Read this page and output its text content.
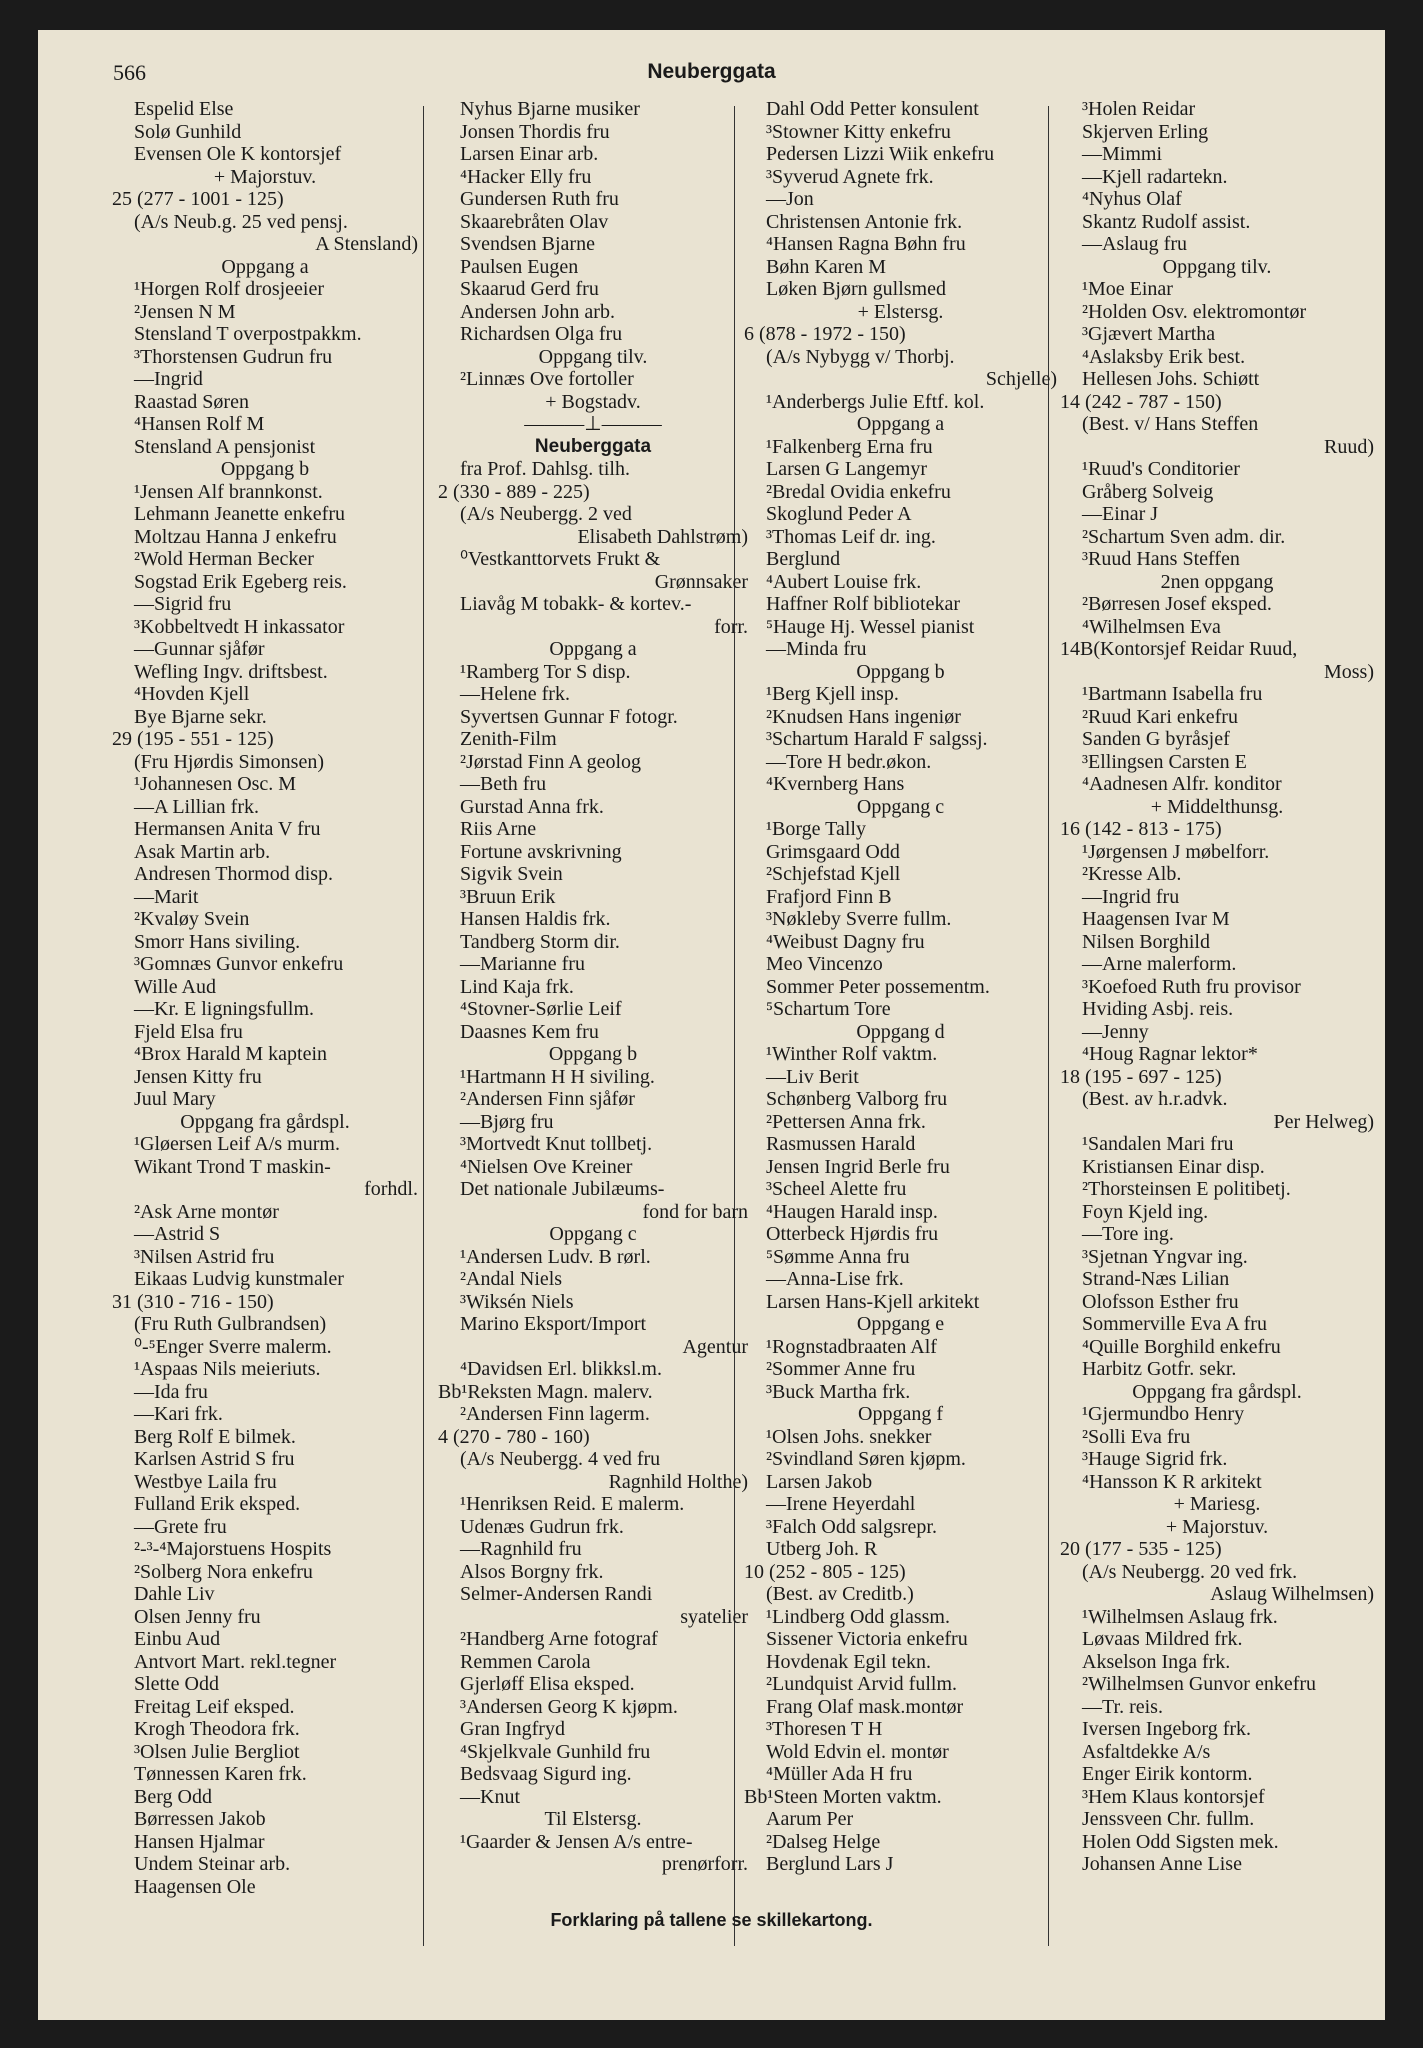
566	Neuberggata
Espelid Else
Solø Gunhild
Evensen Ole K kontorsjef
+ Majorstuv.
25 (277 - 1001 - 125)
(A/s Neub.g. 25 ved pensj.
A Stensland)
Oppgang a
¹Horgen Rolf drosjeeier
²Jensen N M
Stensland T overpostpakkm.
³Thorstensen Gudrun fru
—Ingrid
Raastad Søren
⁴Hansen Rolf M
Stensland A pensjonist
Oppgang b
¹Jensen Alf brannkonst.
Lehmann Jeanette enkefru
Moltzau Hanna J enkefru
²Wold Herman Becker
Sogstad Erik Egeberg reis.
—Sigrid fru
³Kobbeltvedt H inkassator
—Gunnar sjåfør
Wefling Ingv. driftsbest.
⁴Hovden Kjell
Bye Bjarne sekr.
29 (195 - 551 - 125)
(Fru Hjørdis Simonsen)
¹Johannesen Osc. M
—A Lillian frk.
Hermansen Anita V fru
Asak Martin arb.
Andresen Thormod disp.
—Marit
²Kvaløy Svein
Smorr Hans siviling.
³Gomnæs Gunvor enkefru
Wille Aud
—Kr. E ligningsfullm.
Fjeld Elsa fru
⁴Brox Harald M kaptein
Jensen Kitty fru
Juul Mary
Oppgang fra gårdspl.
¹Gløersen Leif A/s murm.
Wikant Trond T maskin-
forhdl.
²Ask Arne montør
—Astrid S
³Nilsen Astrid fru
Eikaas Ludvig kunstmaler
31 (310 - 716 - 150)
(Fru Ruth Gulbrandsen)
⁰-⁵Enger Sverre malerm.
¹Aspaas Nils meieriuts.
—Ida fru
—Kari frk.
Berg Rolf E bilmek.
Karlsen Astrid S fru
Westbye Laila fru
Fulland Erik eksped.
—Grete fru
²-³-⁴Majorstuens Hospits
²Solberg Nora enkefru
Dahle Liv
Olsen Jenny fru
Einbu Aud
Antvort Mart. rekl.tegner
Slette Odd
Freitag Leif eksped.
Krogh Theodora frk.
³Olsen Julie Bergliot
Tønnessen Karen frk.
Berg Odd
Børressen Jakob
Hansen Hjalmar
Undem Steinar arb.
Haagensen Ole
Nyhus Bjarne musiker
Jonsen Thordis fru
Larsen Einar arb.
⁴Hacker Elly fru
Gundersen Ruth fru
Skaarebråten Olav
Svendsen Bjarne
Paulsen Eugen
Skaarud Gerd fru
Andersen John arb.
Richardsen Olga fru
Oppgang tilv.
²Linnæs Ove fortoller
+ Bogstadv.
———⊥———
Neuberggata
fra Prof. Dahlsg. tilh.
2 (330 - 889 - 225)
(A/s Neubergg. 2 ved
Elisabeth Dahlstrøm)
⁰Vestkanttorvets Frukt &
Grønnsaker
Liavåg M tobakk- & kortev.-
forr.
Oppgang a
¹Ramberg Tor S disp.
—Helene frk.
Syvertsen Gunnar F fotogr.
Zenith-Film
²Jørstad Finn A geolog
—Beth fru
Gurstad Anna frk.
Riis Arne
Fortune avskrivning
Sigvik Svein
³Bruun Erik
Hansen Haldis frk.
Tandberg Storm dir.
—Marianne fru
Lind Kaja frk.
⁴Stovner-Sørlie Leif
Daasnes Kem fru
Oppgang b
¹Hartmann H H siviling.
²Andersen Finn sjåfør
—Bjørg fru
³Mortvedt Knut tollbetj.
⁴Nielsen Ove Kreiner
Det nationale Jubilæums-
fond for barn
Oppgang c
¹Andersen Ludv. B rørl.
²Andal Niels
³Wiksén Niels
Marino Eksport/Import
Agentur
⁴Davidsen Erl. blikksl.m.
Bb¹Reksten Magn. malerv.
²Andersen Finn lagerm.
4 (270 - 780 - 160)
(A/s Neubergg. 4 ved fru
Ragnhild Holthe)
¹Henriksen Reid. E malerm.
Udenæs Gudrun frk.
—Ragnhild fru
Alsos Borgny frk.
Selmer-Andersen Randi
syatelier
²Handberg Arne fotograf
Remmen Carola
Gjerløff Elisa eksped.
³Andersen Georg K kjøpm.
Gran Ingfryd
⁴Skjelkvale Gunhild fru
Bedsvaag Sigurd ing.
—Knut
Til Elstersg.
¹Gaarder & Jensen A/s entre-
prenørforr.
Dahl Odd Petter konsulent
³Stowner Kitty enkefru
Pedersen Lizzi Wiik enkefru
³Syverud Agnete frk.
—Jon
Christensen Antonie frk.
⁴Hansen Ragna Bøhn fru
Bøhn Karen M
Løken Bjørn gullsmed
+ Elstersg.
6 (878 - 1972 - 150)
(A/s Nybygg v/ Thorbj.
Schjelle)
¹Anderbergs Julie Eftf. kol.
Oppgang a
¹Falkenberg Erna fru
Larsen G Langemyr
²Bredal Ovidia enkefru
Skoglund Peder A
³Thomas Leif dr. ing.
Berglund
⁴Aubert Louise frk.
Haffner Rolf bibliotekar
⁵Hauge Hj. Wessel pianist
—Minda fru
Oppgang b
¹Berg Kjell insp.
²Knudsen Hans ingeniør
³Schartum Harald F salgssj.
—Tore H bedr.økon.
⁴Kvernberg Hans
Oppgang c
¹Borge Tally
Grimsgaard Odd
²Schjefstad Kjell
Frafjord Finn B
³Nøkleby Sverre fullm.
⁴Weibust Dagny fru
Meo Vincenzo
Sommer Peter possementm.
⁵Schartum Tore
Oppgang d
¹Winther Rolf vaktm.
—Liv Berit
Schønberg Valborg fru
²Pettersen Anna frk.
Rasmussen Harald
Jensen Ingrid Berle fru
³Scheel Alette fru
⁴Haugen Harald insp.
Otterbeck Hjørdis fru
⁵Sømme Anna fru
—Anna-Lise frk.
Larsen Hans-Kjell arkitekt
Oppgang e
¹Rognstadbraaten Alf
²Sommer Anne fru
³Buck Martha frk.
Oppgang f
¹Olsen Johs. snekker
²Svindland Søren kjøpm.
Larsen Jakob
—Irene Heyerdahl
³Falch Odd salgsrepr.
Utberg Joh. R
10 (252 - 805 - 125)
(Best. av Creditb.)
¹Lindberg Odd glassm.
Sissener Victoria enkefru
Hovdenak Egil tekn.
²Lundquist Arvid fullm.
Frang Olaf mask.montør
³Thoresen T H
Wold Edvin el. montør
⁴Müller Ada H fru
Bb¹Steen Morten vaktm.
Aarum Per
²Dalseg Helge
Berglund Lars J
³Holen Reidar
Skjerven Erling
—Mimmi
—Kjell radartekn.
⁴Nyhus Olaf
Skantz Rudolf assist.
—Aslaug fru
Oppgang tilv.
¹Moe Einar
²Holden Osv. elektromontør
³Gjævert Martha
⁴Aslaksby Erik best.
Hellesen Johs. Schiøtt
14 (242 - 787 - 150)
(Best. v/ Hans Steffen
Ruud)
¹Ruud's Conditorier
Gråberg Solveig
—Einar J
²Schartum Sven adm. dir.
³Ruud Hans Steffen
2nen oppgang
²Børresen Josef eksped.
⁴Wilhelmsen Eva
14B(Kontorsjef Reidar Ruud,
Moss)
¹Bartmann Isabella fru
²Ruud Kari enkefru
Sanden G byråsjef
³Ellingsen Carsten E
⁴Aadnesen Alfr. konditor
+ Middelthunsg.
16 (142 - 813 - 175)
¹Jørgensen J møbelforr.
²Kresse Alb.
—Ingrid fru
Haagensen Ivar M
Nilsen Borghild
—Arne malerform.
³Koefoed Ruth fru provisor
Hviding Asbj. reis.
—Jenny
⁴Houg Ragnar lektor*
18 (195 - 697 - 125)
(Best. av h.r.advk.
Per Helweg)
¹Sandalen Mari fru
Kristiansen Einar disp.
²Thorsteinsen E politibetj.
Foyn Kjeld ing.
—Tore ing.
³Sjetnan Yngvar ing.
Strand-Næs Lilian
Olofsson Esther fru
Sommerville Eva A fru
⁴Quille Borghild enkefru
Harbitz Gotfr. sekr.
Oppgang fra gårdspl.
¹Gjermundbo Henry
²Solli Eva fru
³Hauge Sigrid frk.
⁴Hansson K R arkitekt
+ Mariesg.
+ Majorstuv.
20 (177 - 535 - 125)
(A/s Neubergg. 20 ved frk.
Aslaug Wilhelmsen)
¹Wilhelmsen Aslaug frk.
Løvaas Mildred frk.
Akselson Inga frk.
²Wilhelmsen Gunvor enkefru
—Tr. reis.
Iversen Ingeborg frk.
Asfaltdekke A/s
Enger Eirik kontorm.
³Hem Klaus kontorsjef
Jenssveen Chr. fullm.
Holen Odd Sigsten mek.
Johansen Anne Lise
Forklaring på tallene se skillekartong.
